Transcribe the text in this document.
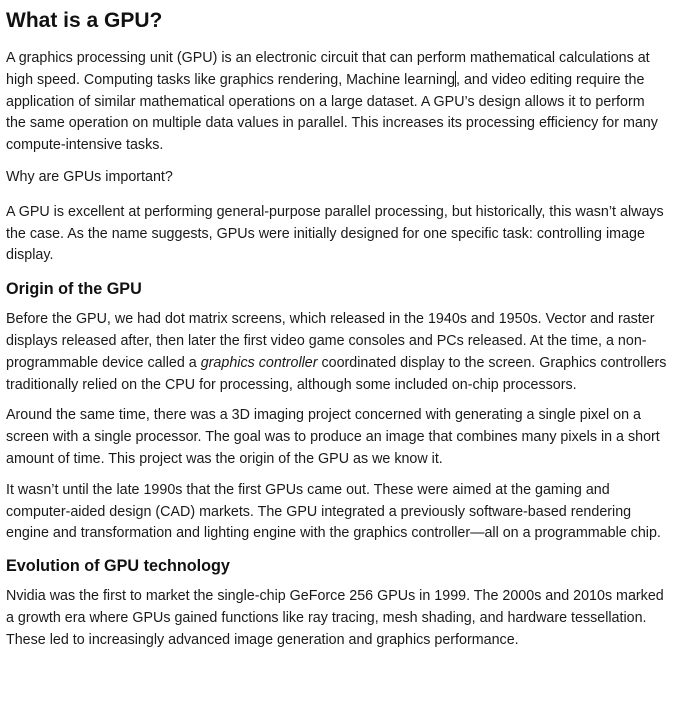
What is a GPU?

A graphics processing unit (GPU) is an electronic circuit that can perform mathematical calculations at high speed. Computing tasks like graphics rendering, Machine learning, and video editing require the application of similar mathematical operations on a large dataset. A GPU’s design allows it to perform the same operation on multiple data values in parallel. This increases its processing efficiency for many compute-intensive tasks.

Why are GPUs important?

A GPU is excellent at performing general-purpose parallel processing, but historically, this wasn’t always the case. As the name suggests, GPUs were initially designed for one specific task: controlling image display.

Origin of the GPU

Before the GPU, we had dot matrix screens, which released in the 1940s and 1950s. Vector and raster displays released after, then later the first video game consoles and PCs released. At the time, a non-programmable device called a graphics controller coordinated display to the screen. Graphics controllers traditionally relied on the CPU for processing, although some included on-chip processors.

Around the same time, there was a 3D imaging project concerned with generating a single pixel on a screen with a single processor. The goal was to produce an image that combines many pixels in a short amount of time. This project was the origin of the GPU as we know it.

It wasn’t until the late 1990s that the first GPUs came out. These were aimed at the gaming and computer-aided design (CAD) markets. The GPU integrated a previously software-based rendering engine and transformation and lighting engine with the graphics controller—all on a programmable chip.

Evolution of GPU technology

Nvidia was the first to market the single-chip GeForce 256 GPUs in 1999. The 2000s and 2010s marked a growth era where GPUs gained functions like ray tracing, mesh shading, and hardware tessellation. These led to increasingly advanced image generation and graphics performance.
